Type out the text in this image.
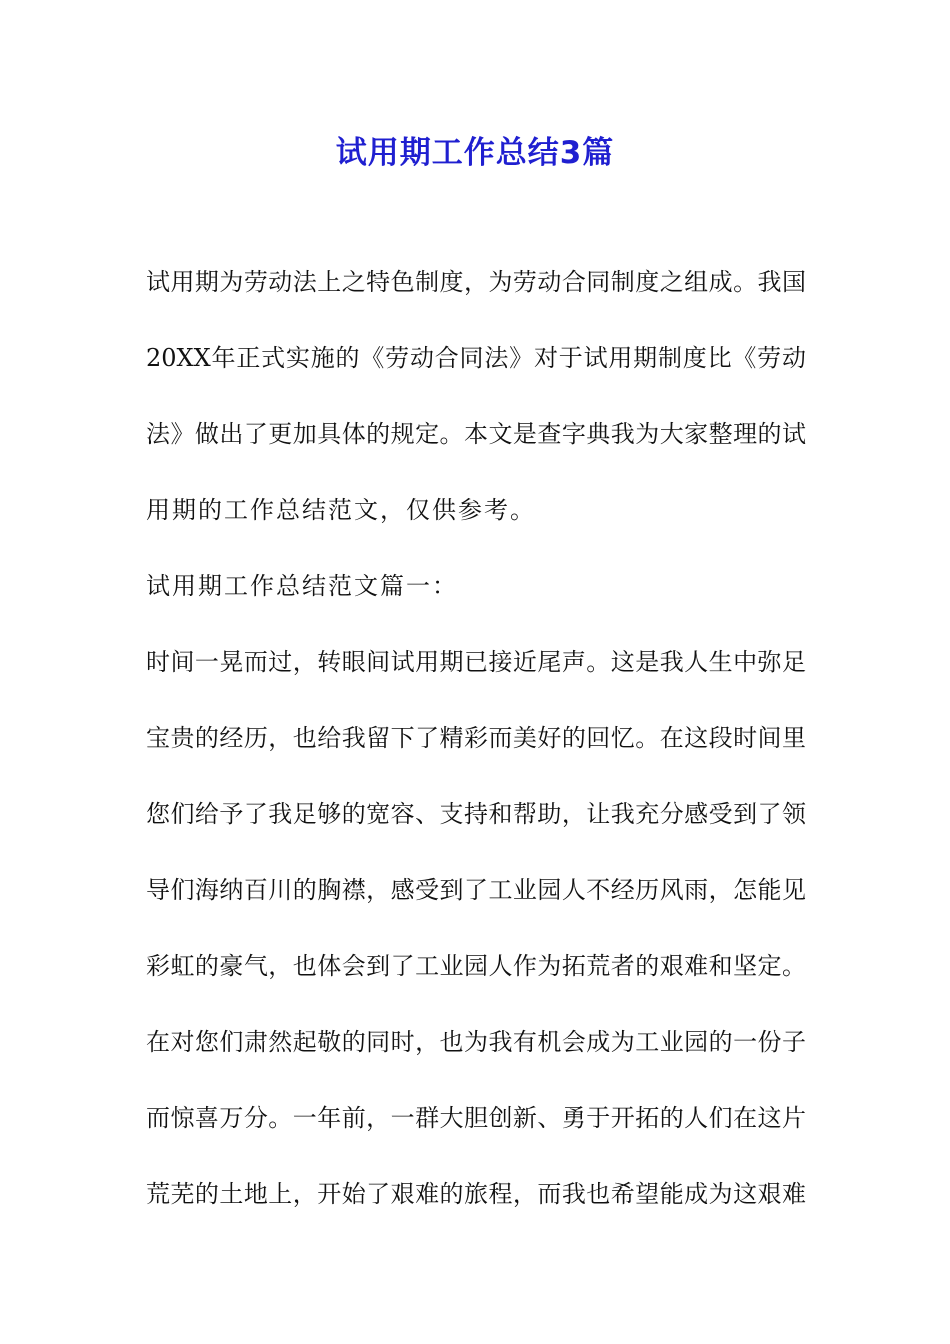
试用期工作总结3篇
试用期为劳动法上之特色制度，为劳动合同制度之组成。我国
20XX年正式实施的《劳动合同法》对于试用期制度比《劳动
法》做出了更加具体的规定。本文是查字典我为大家整理的试
用期的工作总结范文，仅供参考。
试用期工作总结范文篇一：
时间一晃而过，转眼间试用期已接近尾声。这是我人生中弥足
宝贵的经历，也给我留下了精彩而美好的回忆。在这段时间里
您们给予了我足够的宽容、支持和帮助，让我充分感受到了领
导们海纳百川的胸襟，感受到了工业园人不经历风雨，怎能见
彩虹的豪气，也体会到了工业园人作为拓荒者的艰难和坚定。
在对您们肃然起敬的同时，也为我有机会成为工业园的一份子
而惊喜万分。一年前，一群大胆创新、勇于开拓的人们在这片
荒芜的土地上，开始了艰难的旅程，而我也希望能成为这艰难
